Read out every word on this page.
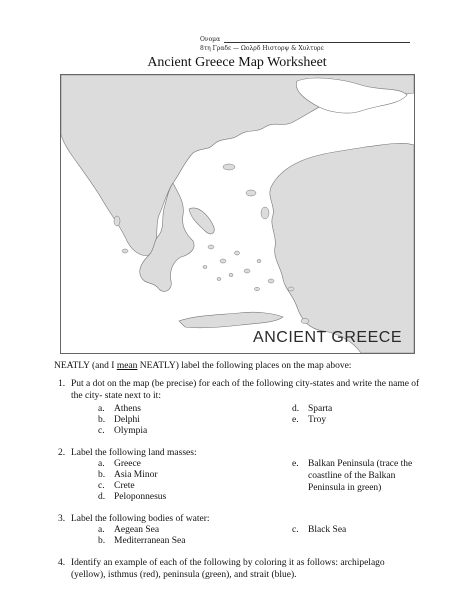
Ονομα
8τη Γραδε — Ωολρδ Ηιστορψ & Χυλτυρε
Ancient Greece Map Worksheet
ANCIENT GREECE
NEATLY (and I mean NEATLY) label the following places on the map above:
1. Put a dot on the map (be precise) for each of the following city-states and write the name of the city- state next to it:
a. Athens
b. Delphi
c. Olympia
d. Sparta
e. Troy
2. Label the following land masses:
a. Greece
b. Asia Minor
c. Crete
d. Peloponnesus
e. Balkan Peninsula (trace the coastline of the Balkan Peninsula in green)
3. Label the following bodies of water:
a. Aegean Sea
b. Mediterranean Sea
c. Black Sea
4. Identify an example of each of the following by coloring it as follows: archipelago (yellow), isthmus (red), peninsula (green), and strait (blue).
